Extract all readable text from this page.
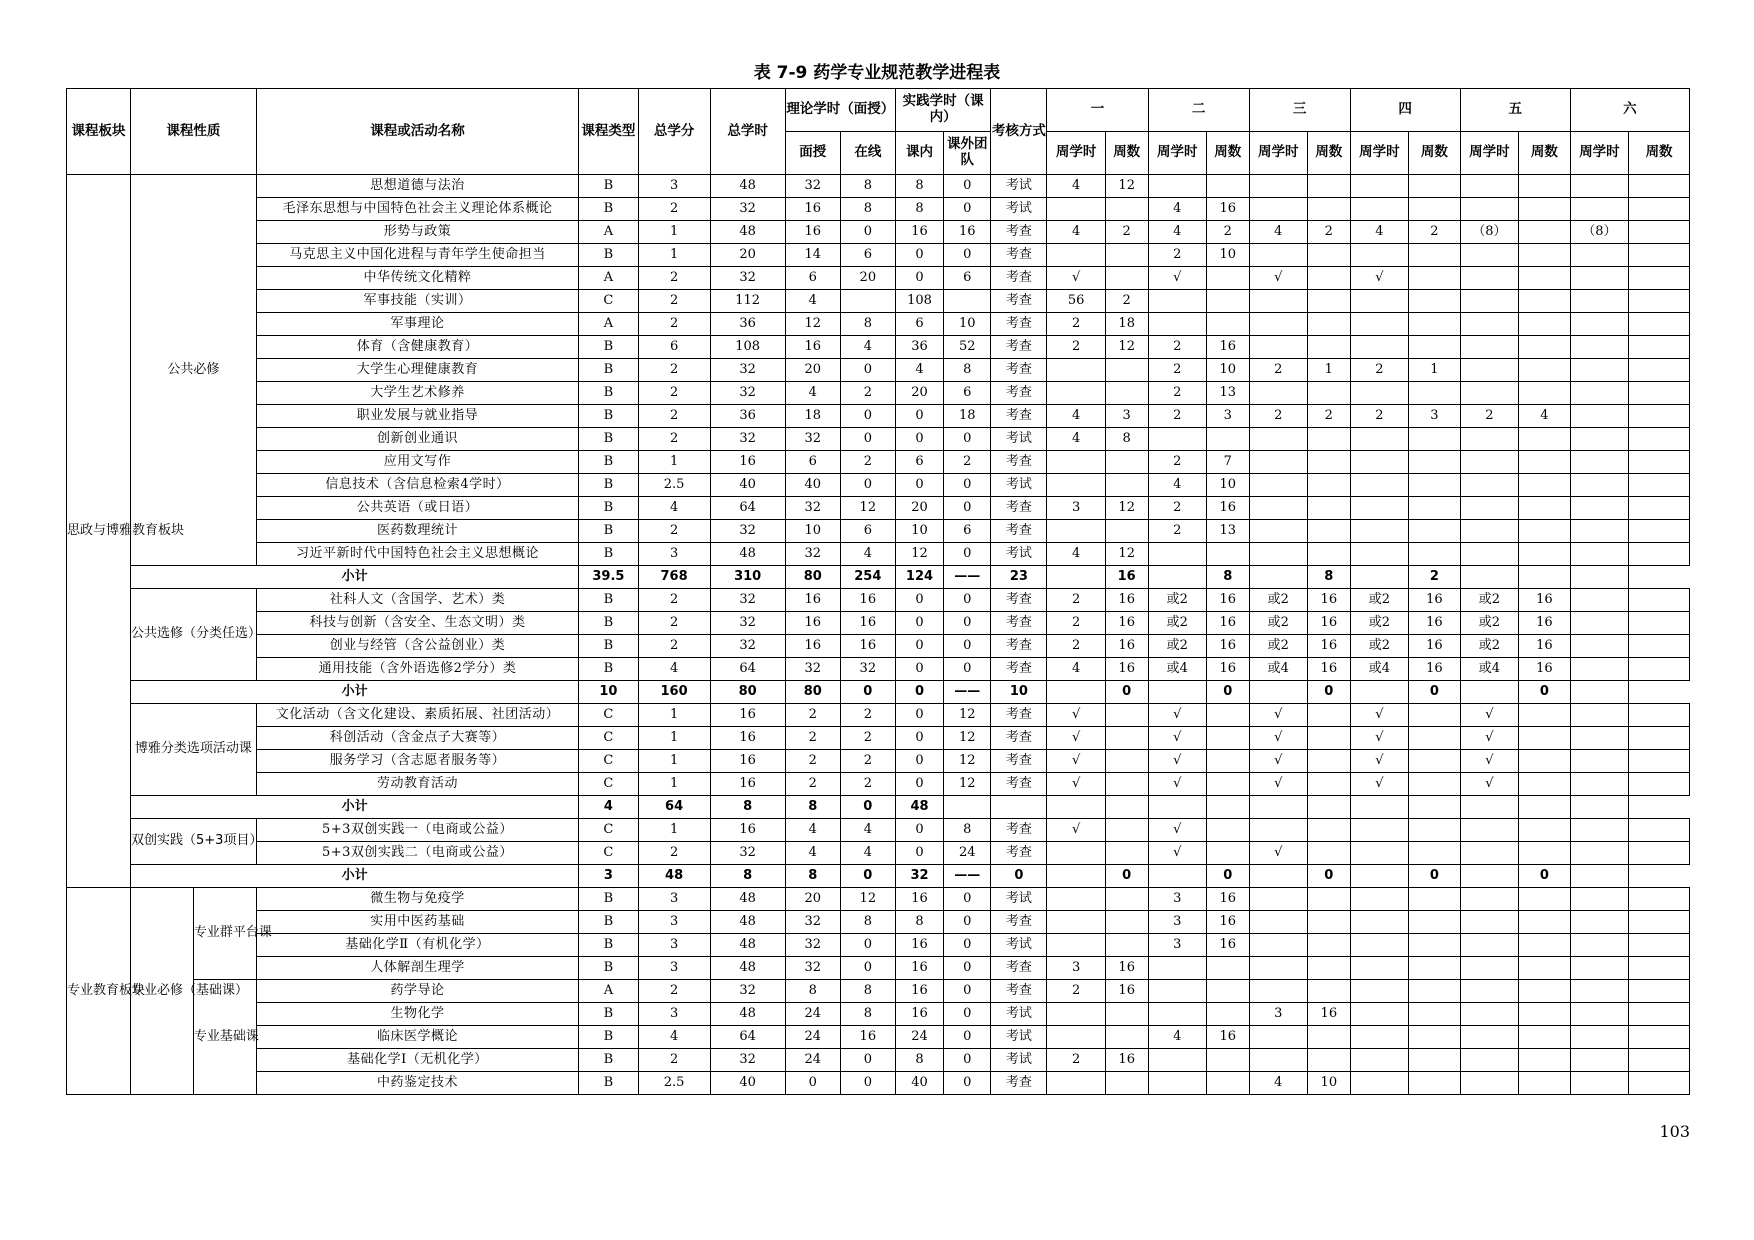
表 7-9 药学专业规范教学进程表
课程板块	课程性质		课程或活动名称	课程类型	总学分	总学时	理论学时（面授）		实践学时（课内）		考核方式	一		二		三		四		五		六	
							面授	在线	课内	课外团队		周学时	周数	周学时	周数	周学时	周数	周学时	周数	周学时	周数	周学时	周数
思政与博雅教育板块	公共必修		思想道德与法治	B	3	48	32	8	8	0	考试	4	12										
			毛泽东思想与中国特色社会主义理论体系概论	B	2	32	16	8	8	0	考试			4	16								
			形势与政策	A	1	48	16	0	16	16	考查	4	2	4	2	4	2	4	2	（8）		（8）	
			马克思主义中国化进程与青年学生使命担当	B	1	20	14	6	0	0	考查			2	10								
			中华传统文化精粹	A	2	32	6	20	0	6	考查	√		√		√		√					
			军事技能（实训）	C	2	112	4		108		考查	56	2										
			军事理论	A	2	36	12	8	6	10	考查	2	18										
			体育（含健康教育）	B	6	108	16	4	36	52	考查	2	12	2	16								
			大学生心理健康教育	B	2	32	20	0	4	8	考查			2	10	2	1	2	1				
			大学生艺术修养	B	2	32	4	2	20	6	考查			2	13								
			职业发展与就业指导	B	2	36	18	0	0	18	考查	4	3	2	3	2	2	2	3	2	4		
			创新创业通识	B	2	32	32	0	0	0	考试	4	8										
			应用文写作	B	1	16	6	2	6	2	考查			2	7								
			信息技术（含信息检索4学时）	B	2.5	40	40	0	0	0	考试			4	10								
			公共英语（或日语）	B	4	64	32	12	20	0	考查	3	12	2	16								
			医药数理统计	B	2	32	10	6	10	6	考查			2	13								
			习近平新时代中国特色社会主义思想概论	B	3	48	32	4	12	0	考试	4	12										
	小计			39.5	768	310	80	254	124	——	23		16		8		8		2				
	公共选修（分类任选）		社科人文（含国学、艺术）类	B	2	32	16	16	0	0	考查	2	16	或2	16	或2	16	或2	16	或2	16		
			科技与创新（含安全、生态文明）类	B	2	32	16	16	0	0	考查	2	16	或2	16	或2	16	或2	16	或2	16		
			创业与经管（含公益创业）类	B	2	32	16	16	0	0	考查	2	16	或2	16	或2	16	或2	16	或2	16		
			通用技能（含外语选修2学分）类	B	4	64	32	32	0	0	考查	4	16	或4	16	或4	16	或4	16	或4	16		
	小计			10	160	80	80	0	0	——	10		0		0		0		0		0		
	博雅分类选项活动课		文化活动（含文化建设、素质拓展、社团活动）	C	1	16	2	2	0	12	考查	√		√		√		√		√			
			科创活动（含金点子大赛等）	C	1	16	2	2	0	12	考查	√		√		√		√		√			
			服务学习（含志愿者服务等）	C	1	16	2	2	0	12	考查	√		√		√		√		√			
			劳动教育活动	C	1	16	2	2	0	12	考查	√		√		√		√		√			
	小计			4	64	8	8	0	48														
	双创实践（5+3项目）		5+3双创实践一（电商或公益）	C	1	16	4	4	0	8	考查	√		√									
			5+3双创实践二（电商或公益）	C	2	32	4	4	0	24	考查			√		√							
	小计			3	48	8	8	0	32	——	0		0		0		0		0		0		
专业教育板块	专业必修（基础课）	专业群平台课	微生物与免疫学	B	3	48	20	12	16	0	考试			3	16								
			实用中医药基础	B	3	48	32	8	8	0	考查			3	16								
			基础化学Ⅱ（有机化学）	B	3	48	32	0	16	0	考试			3	16								
			人体解剖生理学	B	3	48	32	0	16	0	考查	3	16										
		专业基础课	药学导论	A	2	32	8	8	16	0	考查	2	16										
			生物化学	B	3	48	24	8	16	0	考试					3	16						
			临床医学概论	B	4	64	24	16	24	0	考试			4	16								
			基础化学Ⅰ（无机化学）	B	2	32	24	0	8	0	考试	2	16										
			中药鉴定技术	B	2.5	40	0	0	40	0	考查					4	10						
103
